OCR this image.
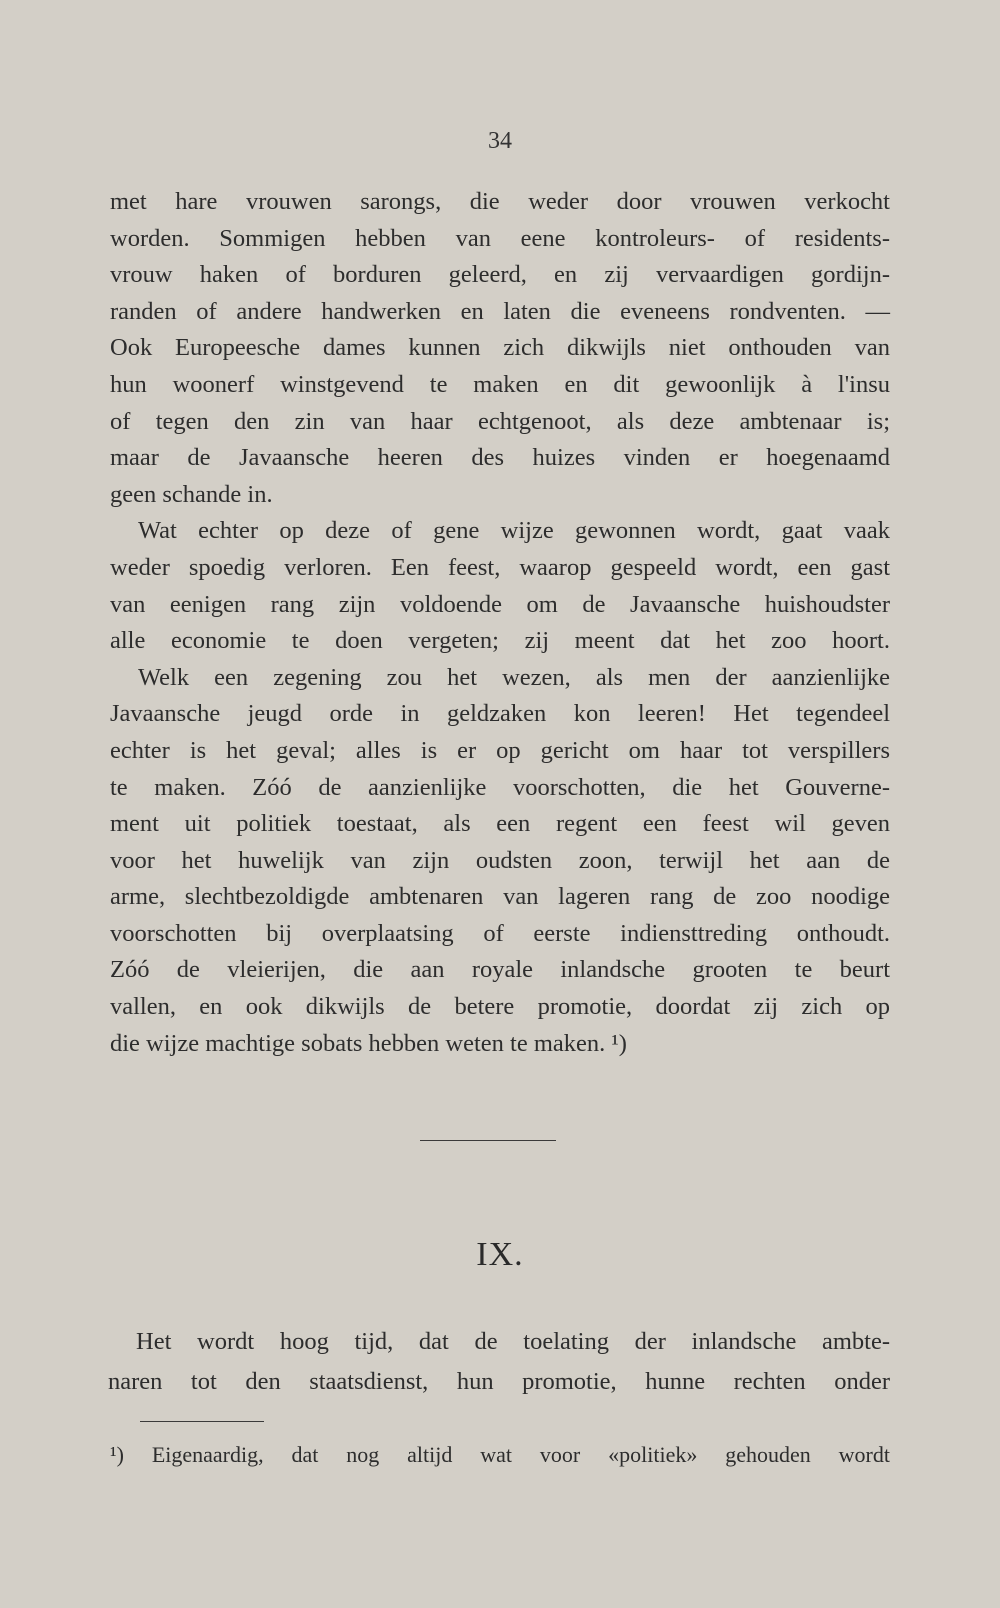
34
met hare vrouwen sarongs, die weder door vrouwen verkocht
worden. Sommigen hebben van eene kontroleurs- of residents-
vrouw haken of borduren geleerd, en zij vervaardigen gordijn-
randen of andere handwerken en laten die eveneens rondventen. —
Ook Europeesche dames kunnen zich dikwijls niet onthouden van
hun woonerf winstgevend te maken en dit gewoonlijk à l'insu
of tegen den zin van haar echtgenoot, als deze ambtenaar is;
maar de Javaansche heeren des huizes vinden er hoegenaamd
geen schande in.
Wat echter op deze of gene wijze gewonnen wordt, gaat vaak
weder spoedig verloren. Een feest, waarop gespeeld wordt, een gast
van eenigen rang zijn voldoende om de Javaansche huishoudster
alle economie te doen vergeten; zij meent dat het zoo hoort.
Welk een zegening zou het wezen, als men der aanzienlijke
Javaansche jeugd orde in geldzaken kon leeren! Het tegendeel
echter is het geval; alles is er op gericht om haar tot verspillers
te maken. Zóó de aanzienlijke voorschotten, die het Gouverne-
ment uit politiek toestaat, als een regent een feest wil geven
voor het huwelijk van zijn oudsten zoon, terwijl het aan de
arme, slechtbezoldigde ambtenaren van lageren rang de zoo noodige
voorschotten bij overplaatsing of eerste indiensttreding onthoudt.
Zóó de vleierijen, die aan royale inlandsche grooten te beurt
vallen, en ook dikwijls de betere promotie, doordat zij zich op
die wijze machtige sobats hebben weten te maken. ¹)
IX.
Het wordt hoog tijd, dat de toelating der inlandsche ambte-
naren tot den staatsdienst, hun promotie, hunne rechten onder
¹) Eigenaardig, dat nog altijd wat voor «politiek» gehouden wordt
